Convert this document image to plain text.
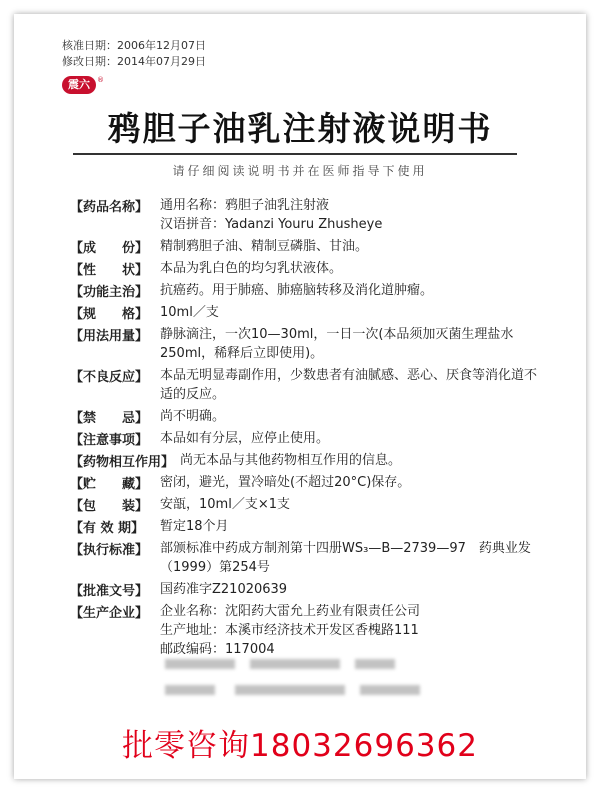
核准日期：2006年12月07日
修改日期：2014年07月29日
震六	®
鸦胆子油乳注射液说明书
请仔细阅读说明书并在医师指导下使用
【药品名称】 通用名称：鸦胆子油乳注射液
汉语拼音：Yadanzi Youru Zhusheye
【成　　份】 精制鸦胆子油、精制豆磷脂、甘油。
【性　　状】 本品为乳白色的均匀乳状液体。
【功能主治】 抗癌药。用于肺癌、肺癌脑转移及消化道肿瘤。
【规　　格】 10ml／支
【用法用量】 静脉滴注，一次10—30ml，一日一次(本品须加灭菌生理盐水250ml，稀释后立即使用)。
【不良反应】 本品无明显毒副作用，少数患者有油腻感、恶心、厌食等消化道不适的反应。
【禁　　忌】 尚不明确。
【注意事项】 本品如有分层，应停止使用。
【药物相互作用】 尚无本品与其他药物相互作用的信息。
【贮　　藏】 密闭，避光，置冷暗处(不超过20°C)保存。
【包　　装】 安瓿，10ml／支×1支
【有 效 期】 暂定18个月
【执行标准】 部颁标准中药成方制剂第十四册WS₃—B—2739—97　药典业发（1999）第254号
【批准文号】 国药准字Z21020639
【生产企业】 企业名称：沈阳药大雷允上药业有限责任公司
生产地址：本溪市经济技术开发区香槐路111
邮政编码：117004
批零咨询18032696362
